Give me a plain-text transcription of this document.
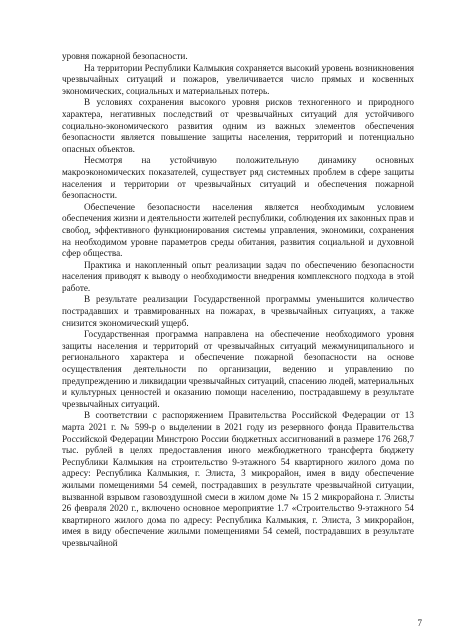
уровня пожарной безопасности.

На территории Республики Калмыкия сохраняется высокий уровень возникновения чрезвычайных ситуаций и пожаров, увеличивается число прямых и косвенных экономических, социальных и материальных потерь.

В условиях сохранения высокого уровня рисков техногенного и природного характера, негативных последствий от чрезвычайных ситуаций для устойчивого социально-экономического развития одним из важных элементов обеспечения безопасности является повышение защиты населения, территорий и потенциально опасных объектов.

Несмотря на устойчивую положительную динамику основных макроэкономических показателей, существует ряд системных проблем в сфере защиты населения и территории от чрезвычайных ситуаций и обеспечения пожарной безопасности.

Обеспечение безопасности населения является необходимым условием обеспечения жизни и деятельности жителей республики, соблюдения их законных прав и свобод, эффективного функционирования системы управления, экономики, сохранения на необходимом уровне параметров среды обитания, развития социальной и духовной сфер общества.

Практика и накопленный опыт реализации задач по обеспечению безопасности населения приводят к выводу о необходимости внедрения комплексного подхода в этой работе.

В результате реализации Государственной программы уменьшится количество пострадавших и травмированных на пожарах, в чрезвычайных ситуациях, а также снизится экономический ущерб.

Государственная программа направлена на обеспечение необходимого уровня защиты населения и территорий от чрезвычайных ситуаций межмуниципального и регионального характера и обеспечение пожарной безопасности на основе осуществления деятельности по организации, ведению и управлению по предупреждению и ликвидации чрезвычайных ситуаций, спасению людей, материальных и культурных ценностей и оказанию помощи населению, пострадавшему в результате чрезвычайных ситуаций.

В соответствии с распоряжением Правительства Российской Федерации от 13 марта 2021 г. № 599-р о выделении в 2021 году из резервного фонда Правительства Российской Федерации Минстрою России бюджетных ассигнований в размере 176 268,7 тыс. рублей в целях предоставления иного межбюджетного трансферта бюджету Республики Калмыкия на строительство 9-этажного 54 квартирного жилого дома по адресу: Республика Калмыкия, г. Элиста, 3 микрорайон, имея в виду обеспечение жилыми помещениями 54 семей, пострадавших в результате чрезвычайной ситуации, вызванной взрывом газовоздушной смеси в жилом доме № 15 2 микрорайона г. Элисты 26 февраля 2020 г., включено основное мероприятие 1.7 «Строительство 9-этажного 54 квартирного жилого дома по адресу: Республика Калмыкия, г. Элиста, 3 микрорайон, имея в виду обеспечение жилыми помещениями 54 семей, пострадавших в результате чрезвычайной

7
